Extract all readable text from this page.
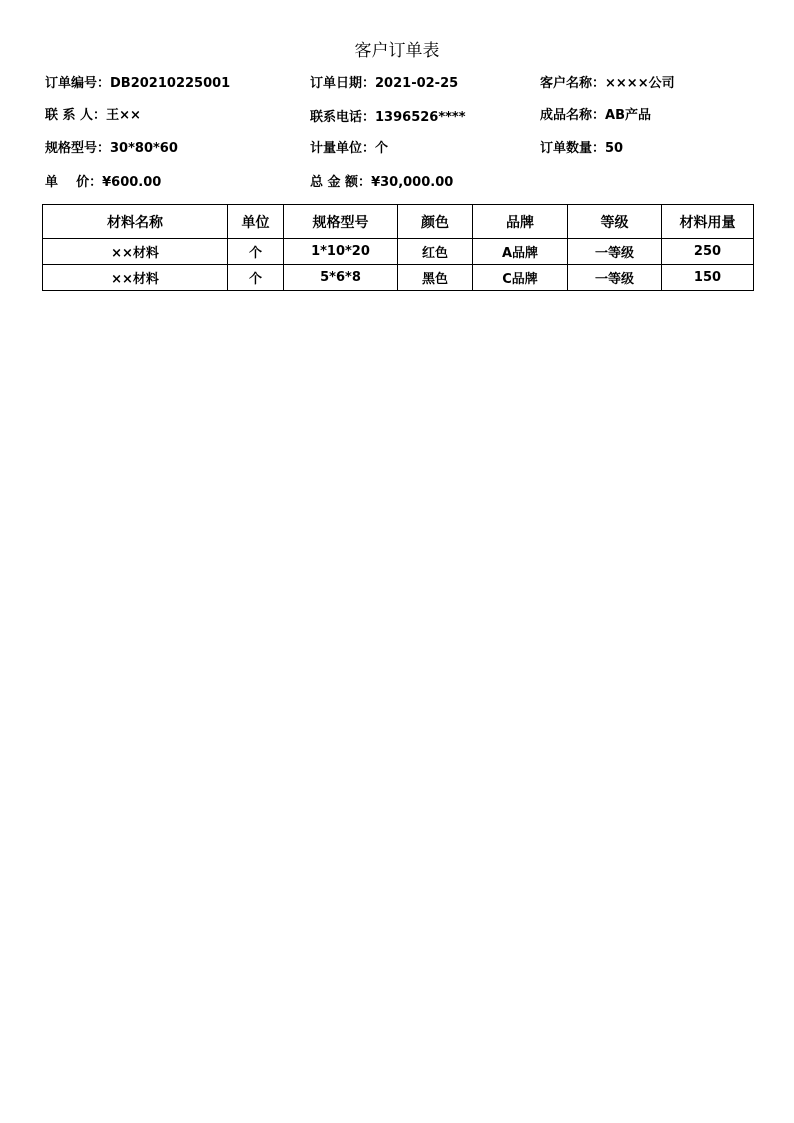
客户订单表
订单编号：DB20210225001	订单日期：2021-02-25	客户名称：××××公司
联 系 人：王××	联系电话：1396526****	成品名称：AB产品
规格型号：30*80*60	计量单位：个	订单数量：50
单    价：¥600.00	总 金 额：¥30,000.00
材料名称	单位	规格型号	颜色	品牌	等级	材料用量
××材料	个	1*10*20	红色	A品牌	一等级	250
××材料	个	5*6*8	黑色	C品牌	一等级	150
